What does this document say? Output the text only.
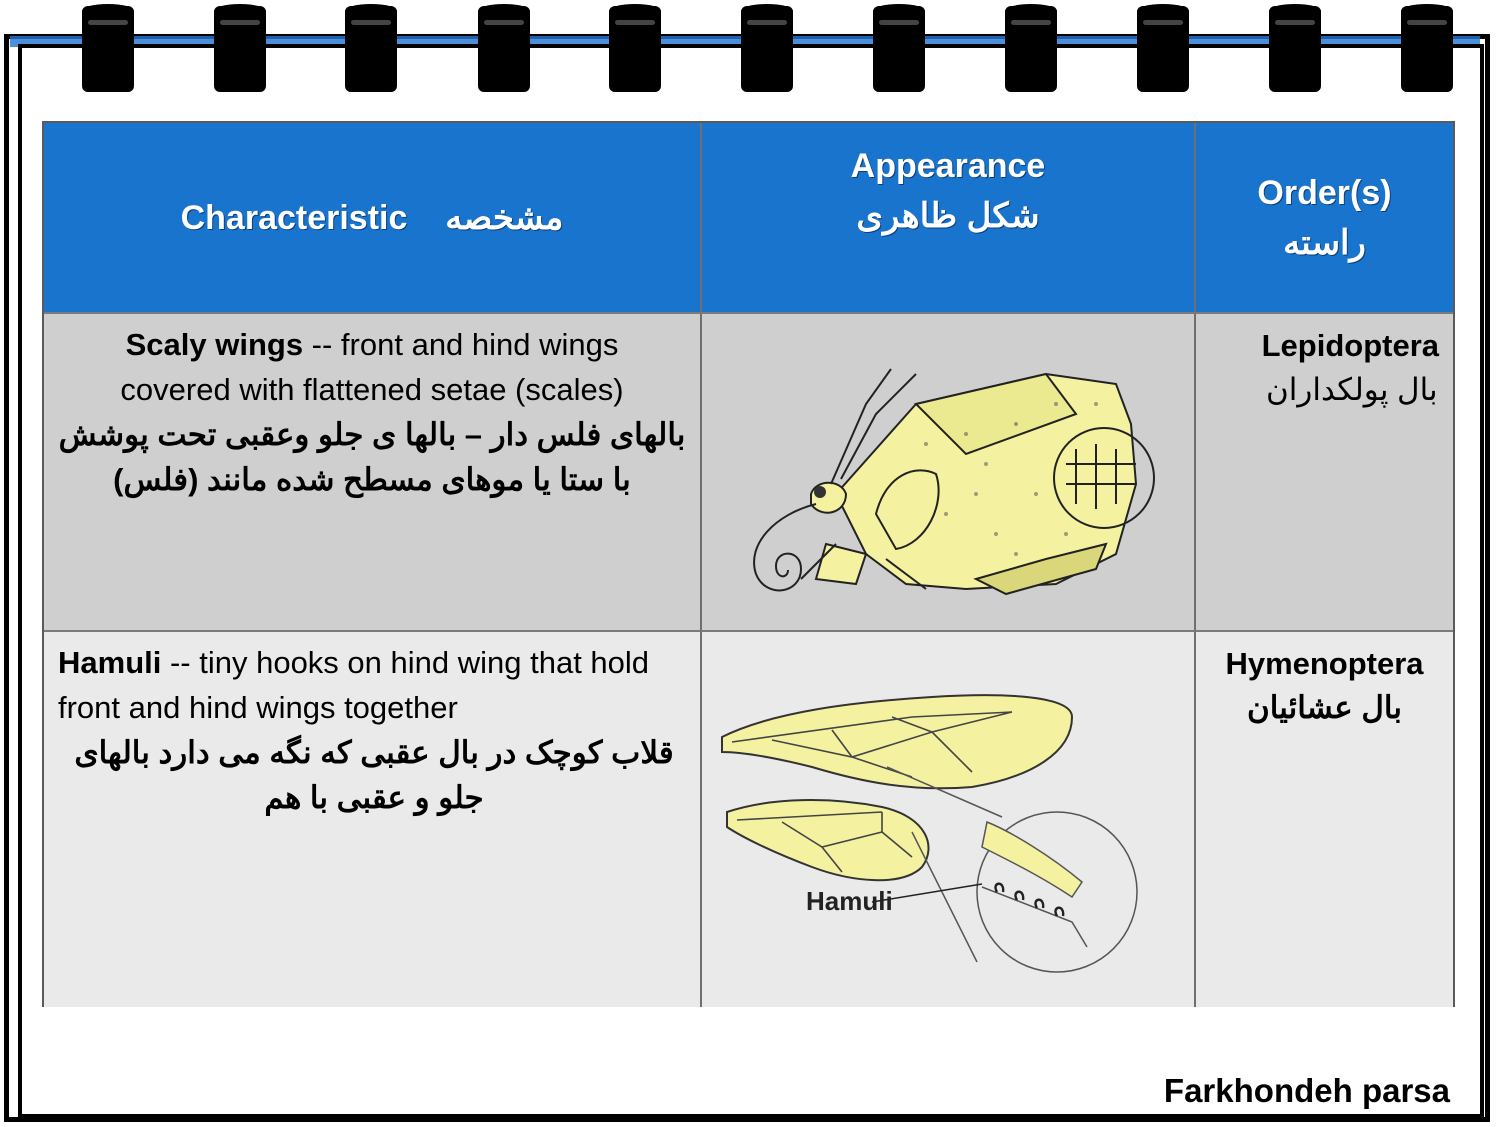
Characteristic مشخصه
Appearance
شکل ظاهری
Order(s)
راسته
Scaly wings -- front and hind wings covered with flattened setae (scales)
بالهای فلس دار – بالها ی جلو وعقبی تحت پوشش با ستا یا موهای مسطح شده مانند (فلس)
Lepidoptera
بال پولکداران
Hamuli -- tiny hooks on hind wing that hold front and hind wings together
قلاب کوچک در بال عقبی که نگه می دارد بالهای جلو و عقبی با هم
Hamuli
Hymenoptera
بال عشائیان
Farkhondeh parsa
